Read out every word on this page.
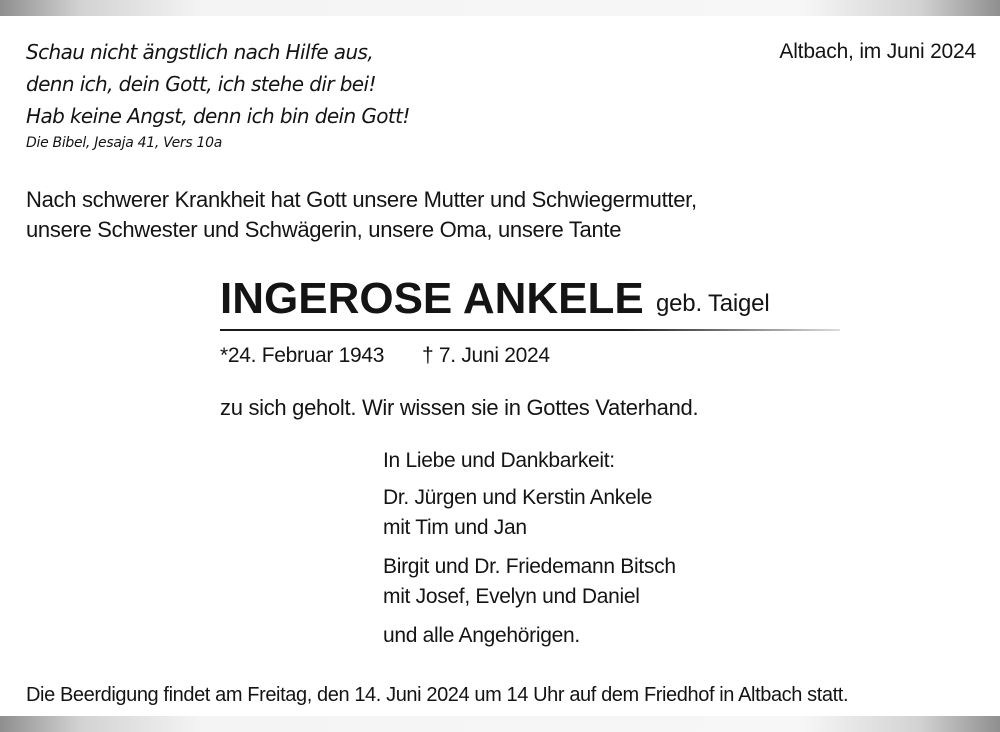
Schau nicht ängstlich nach Hilfe aus,
denn ich, dein Gott, ich stehe dir bei!
Hab keine Angst, denn ich bin dein Gott!
Die Bibel, Jesaja 41, Vers 10a
Altbach, im Juni 2024
Nach schwerer Krankheit hat Gott unsere Mutter und Schwiegermutter,
unsere Schwester und Schwägerin, unsere Oma, unsere Tante
INGEROSE ANKELE geb. Taigel
*24. Februar 1943 † 7. Juni 2024
zu sich geholt. Wir wissen sie in Gottes Vaterhand.
In Liebe und Dankbarkeit:
Dr. Jürgen und Kerstin Ankele
mit Tim und Jan
Birgit und Dr. Friedemann Bitsch
mit Josef, Evelyn und Daniel
und alle Angehörigen.
Die Beerdigung findet am Freitag, den 14. Juni 2024 um 14 Uhr auf dem Friedhof in Altbach statt.
